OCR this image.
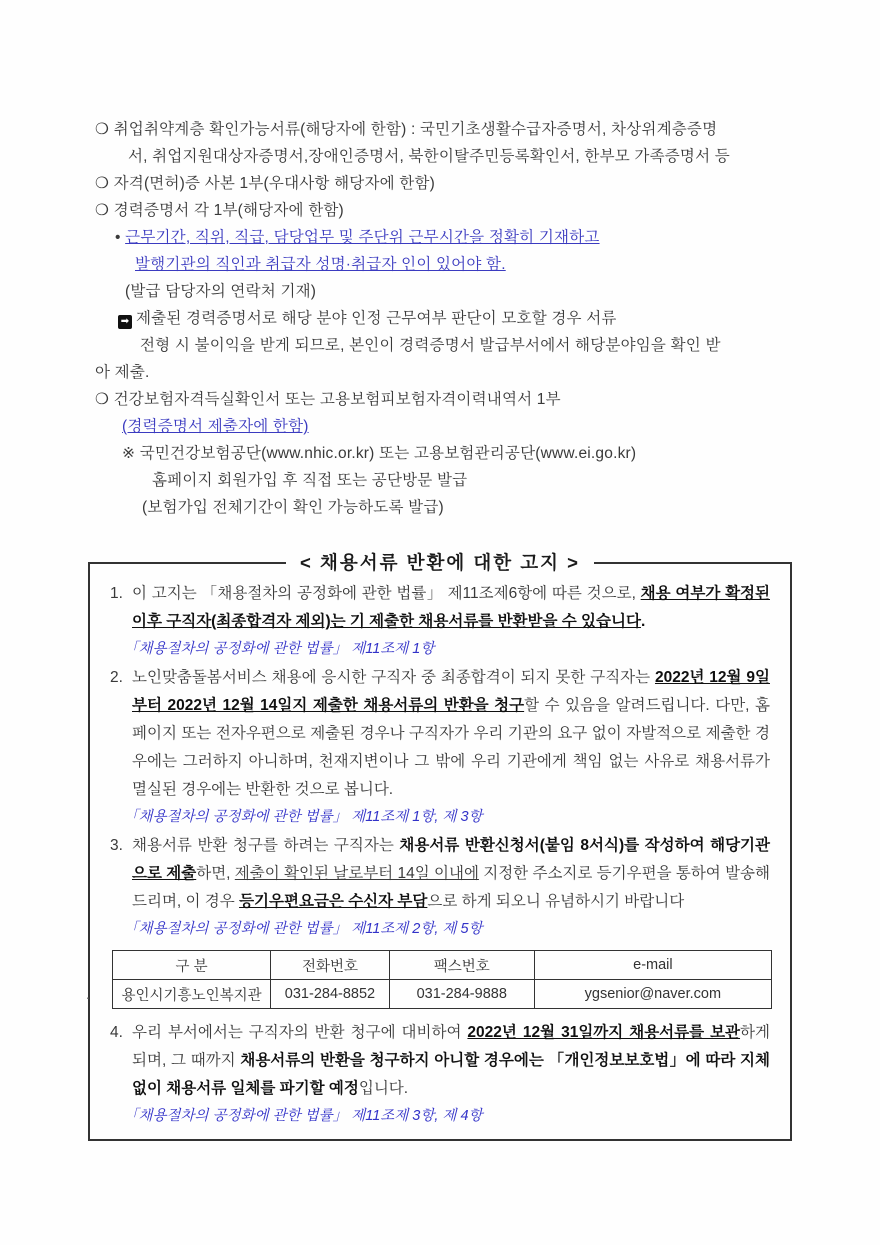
❍ 취업취약계층 확인가능서류(해당자에 한함) : 국민기초생활수급자증명서, 차상위계층증명
서, 취업지원대상자증명서,장애인증명서, 북한이탈주민등록확인서, 한부모 가족증명서 등
❍ 자격(면허)증 사본 1부(우대사항 해당자에 한함)
❍ 경력증명서 각 1부(해당자에 한함)
• 근무기간, 직위, 직급, 담당업무 및 주단위 근무시간을 정확히 기재하고
발행기관의 직인과 취급자 성명·취급자 인이 있어야 함.
(발급 담당자의 연락처 기재)
➡ 제출된 경력증명서로 해당 분야 인정 근무여부 판단이 모호할 경우 서류
전형 시 불이익을 받게 되므로, 본인이 경력증명서 발급부서에서 해당분야임을 확인 받
아 제출.
❍ 건강보험자격득실확인서 또는 고용보험피보험자격이력내역서 1부
(경력증명서 제출자에 한함)
※ 국민건강보험공단(www.nhic.or.kr) 또는 고용보험관리공단(www.ei.go.kr)
홈페이지 회원가입 후 직접 또는 공단방문 발급
(보험가입 전체기간이 확인 가능하도록 발급)
< 채용서류 반환에 대한 고지 >
1. 이 고지는 「채용절차의 공정화에 관한 법률」 제11조제6항에 따른 것으로, 채용 여부가 확정된 이후 구직자(최종합격자 제외)는 기 제출한 채용서류를 반환받을 수 있습니다.
「채용절차의 공정화에 관한 법률」 제11조제 1항
2. 노인맞춤돌봄서비스 채용에 응시한 구직자 중 최종합격이 되지 못한 구직자는 2022년 12월 9일부터 2022년 12월 14일지 제출한 채용서류의 반환을 청구할 수 있음을 알려드립니다. 다만, 홈페이지 또는 전자우편으로 제출된 경우나 구직자가 우리 기관의 요구 없이 자발적으로 제출한 경우에는 그러하지 아니하며, 천재지변이나 그 밖에 우리 기관에게 책임 없는 사유로 채용서류가 멸실된 경우에는 반환한 것으로 봅니다.
「채용절차의 공정화에 관한 법률」 제11조제 1항, 제 3항
3. 채용서류 반환 청구를 하려는 구직자는 채용서류 반환신청서(붙임 8서식)를 작성하여 해당기관으로 제출하면, 제출이 확인된 날로부터 14일 이내에 지정한 주소지로 등기우편을 통하여 발송해 드리며, 이 경우 등기우편요금은 수신자 부담으로 하게 되오니 유념하시기 바랍니다
「채용절차의 공정화에 관한 법률」 제11조제 2항, 제 5항
.
구 분	전화번호	팩스번호	e-mail
용인시기흥노인복지관	031-284-8852	031-284-9888	ygsenior@naver.com
4. 우리 부서에서는 구직자의 반환 청구에 대비하여 2022년 12월 31일까지 채용서류를 보관하게 되며, 그 때까지 채용서류의 반환을 청구하지 아니할 경우에는 「개인정보보호법」에 따라 지체 없이 채용서류 일체를 파기할 예정입니다.
「채용절차의 공정화에 관한 법률」 제11조제 3항, 제 4항
